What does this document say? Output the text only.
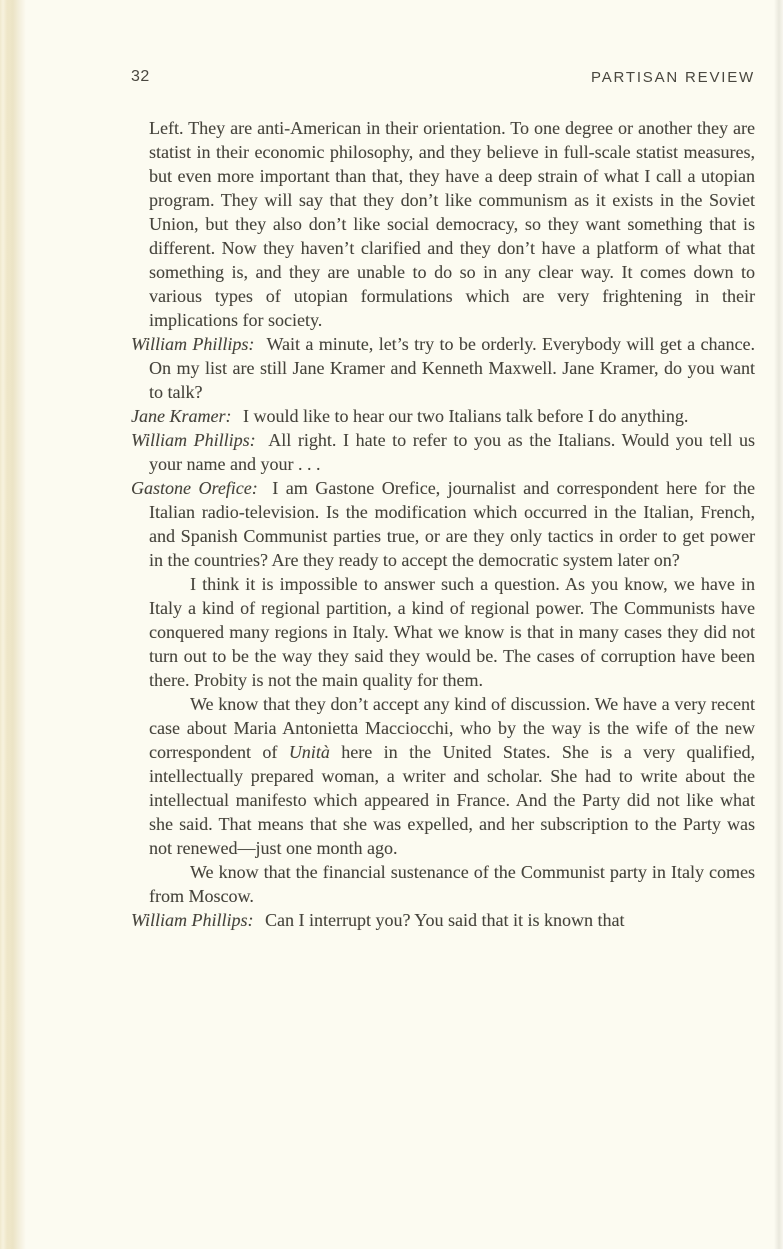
32	PARTISAN REVIEW

Left. They are anti-American in their orientation. To one degree or another they are statist in their economic philosophy, and they believe in full-scale statist measures, but even more important than that, they have a deep strain of what I call a utopian program. They will say that they don’t like communism as it exists in the Soviet Union, but they also don’t like social democracy, so they want something that is different. Now they haven’t clarified and they don’t have a platform of what that something is, and they are unable to do so in any clear way. It comes down to various types of utopian formulations which are very frightening in their implications for society.

William Phillips: Wait a minute, let’s try to be orderly. Everybody will get a chance. On my list are still Jane Kramer and Kenneth Maxwell. Jane Kramer, do you want to talk?

Jane Kramer: I would like to hear our two Italians talk before I do anything.

William Phillips: All right. I hate to refer to you as the Italians. Would you tell us your name and your . . .

Gastone Orefice: I am Gastone Orefice, journalist and correspondent here for the Italian radio-television. Is the modification which occurred in the Italian, French, and Spanish Communist parties true, or are they only tactics in order to get power in the countries? Are they ready to accept the democratic system later on?

I think it is impossible to answer such a question. As you know, we have in Italy a kind of regional partition, a kind of regional power. The Communists have conquered many regions in Italy. What we know is that in many cases they did not turn out to be the way they said they would be. The cases of corruption have been there. Probity is not the main quality for them.

We know that they don’t accept any kind of discussion. We have a very recent case about Maria Antonietta Macciocchi, who by the way is the wife of the new correspondent of Unità here in the United States. She is a very qualified, intellectually prepared woman, a writer and scholar. She had to write about the intellectual manifesto which appeared in France. And the Party did not like what she said. That means that she was expelled, and her subscription to the Party was not renewed—just one month ago.

We know that the financial sustenance of the Communist party in Italy comes from Moscow.

William Phillips: Can I interrupt you? You said that it is known that
